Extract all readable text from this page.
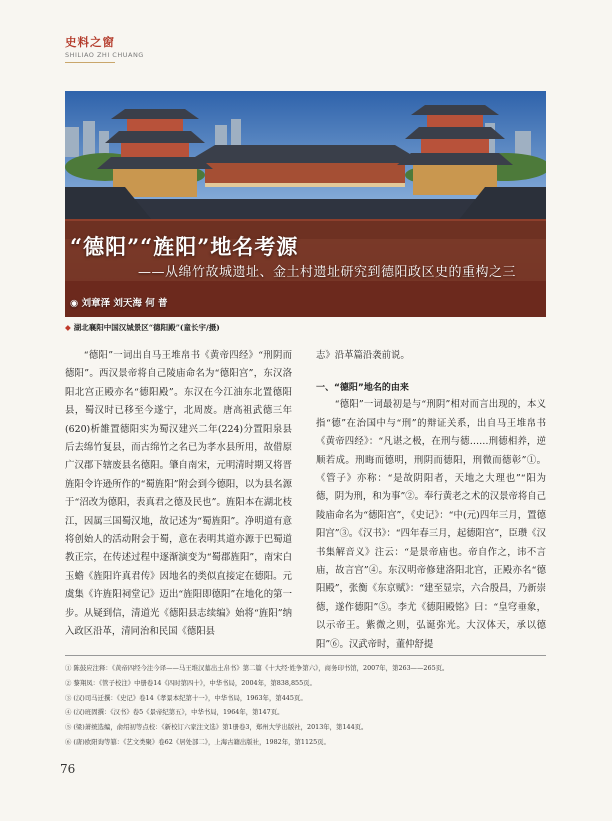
史料之窗
SHILIAO ZHI CHUANG
“德阳”“旌阳”地名考源
——从绵竹故城遗址、金土村遗址研究到德阳政区史的重构之三
◉ 刘章泽 刘天海 何 普
◆ 湖北襄阳中国汉城景区“德阳殿”(童长宇/摄)

“德阳”一词出自马王堆帛书《黄帝四经》“刑阴而德阳”。西汉景帝将自己陵庙命名为“德阳宫”，东汉洛阳北宫正殿亦名“德阳殿”。东汉在今江油东北置德阳县，蜀汉时已移至今遂宁，北周废。唐高祖武德三年(620)析雒置德阳实为蜀汉建兴二年(224)分置阳泉县后去绵竹复县，而古绵竹之名已为孝水县所用，故借原广汉郡下辖废县名德阳。肇自南宋，元明清时期又将晋旌阳令许逊所作的“蜀旌阳”附会到今德阳，以为县名源于“沼改为德阳，表真君之德及民也”。旌阳本在湖北枝江，因属三国蜀汉地，故记述为“蜀旌阳”。净明道有意将创始人的活动附会于蜀，意在表明其道亦源于巴蜀道教正宗，在传述过程中逐渐演变为“蜀郡旌阳”，南宋白玉蟾《旌阳许真君传》因地名的类似直接定在德阳。元虞集《许旌阳祠堂记》迈出“旌阳即德阳”在地化的第一步。从疑到信，清道光《德阳县志续编》始将“旌阳”纳入政区沿革，清同治和民国《德阳县

志》沿革篇沿袭前说。

一、“德阳”地名的由来

“德阳”一词最初是与“刑阴”相对而言出现的，本义指“德”在治国中与“刑”的辩证关系，出自马王堆帛书《黄帝四经》：“凡谌之极，在刑与德……刑德相养，逆顺若成。刑晦而德明，刑阴而德阳，刑微而德彰”①。《管子》亦称：“是故阴阳者，天地之大理也”“阳为德，阴为刑，和为事”②。奉行黄老之术的汉景帝将自己陵庙命名为“德阳宫”，《史记》：“中(元)四年三月，置德阳宫”③。《汉书》：“四年春三月，起德阳宫”，臣瓒《汉书集解音义》注云：“是景帝庙也。帝自作之，讳不言庙，故言宫”④。东汉明帝修建洛阳北宫，正殿亦名“德阳殿”，张衡《东京赋》：“建至显宗，六合殷昌，乃新崇德，遂作德阳”⑤。李尤《德阳殿铭》曰：“皇穹垂象，以示帝王。紫微之则，弘诞弥光。大汉体天，承以德阳”⑥。汉武帝时，董仲舒提

① 陈鼓应注释：《黄帝四经今注今译——马王堆汉墓出土帛书》第二篇《十大经·姓争第六》，商务印书馆，2007年，第263——265页。
② 黎翔凤：《管子校注》中册卷14《四时第四十》，中华书局，2004年，第838,855页。
③ (汉)司马迁撰：《史记》卷14《孝景本纪第十一》，中华书局，1963年，第445页。
④ (汉)班固撰：《汉书》卷5《景帝纪第五》，中华书局，1964年，第147页。
⑤ (梁)萧统选编，俞绍初等点校：《新校订六家注文选》第1册卷3，郑州大学出版社，2013年，第144页。
⑥ (唐)欧阳询等纂：《艺文类聚》卷62《居处部二》，上海古籍出版社，1982年，第1125页。
76
